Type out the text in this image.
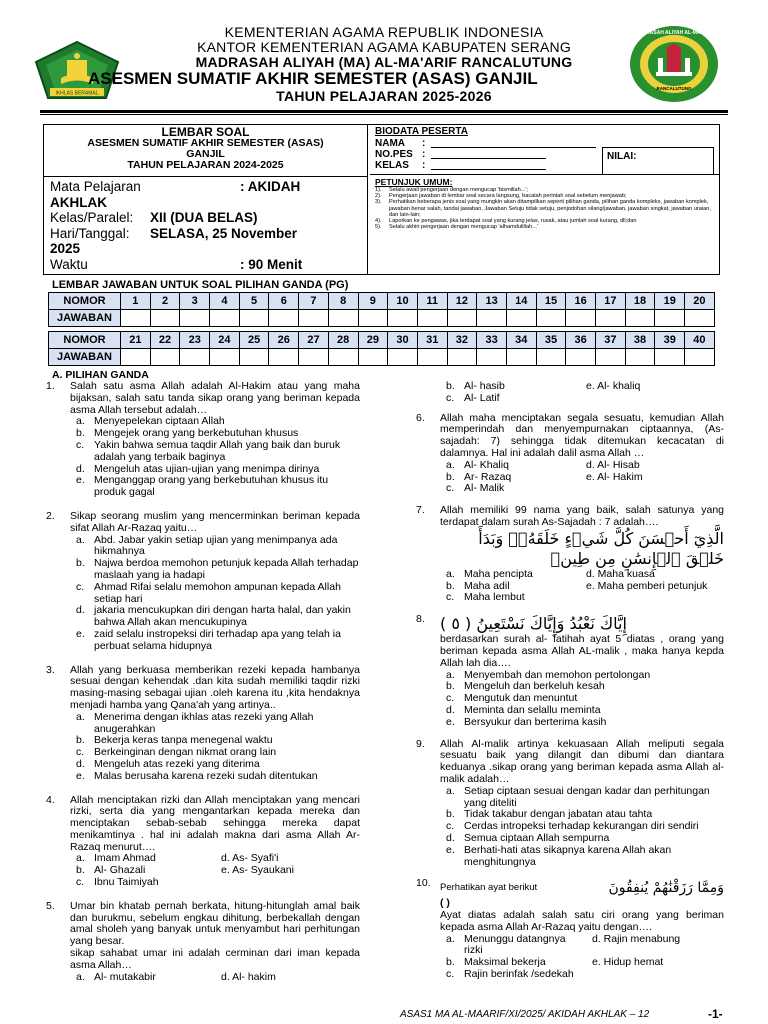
IKHLAS BERAMAL
MADRASAH ALIYAH AL-MA'ARIF
RANCALUTUNG
KEMENTERIAN AGAMA REPUBLIK INDONESIA
KANTOR KEMENTERIAN AGAMA KABUPATEN SERANG
MADRASAH ALIYAH (MA) AL-MA'ARIF RANCALUTUNG
ASESMEN SUMATIF AKHIR SEMESTER (ASAS) GANJIL
TAHUN PELAJARAN 2025-2026
LEMBAR SOAL
ASESMEN SUMATIF AKHIR SEMESTER (ASAS)
GANJIL
TAHUN PELAJARAN 2024-2025
Mata Pelajaran	: AKIDAH
AKHLAK
Kelas/Paralel: XII (DUA BELAS)
Hari/Tanggal: SELASA, 25 November
2025
Waktu	: 90 Menit
BIODATA PESERTA
NAMA :
NO.PES :
KELAS :
NILAI:
PETUNJUK UMUM:
1). Selalu awali pengerjaan dengan mengucap 'bismillah...';
2). Pengerjaan jawaban di lembar soal secara langsung, bacalah perintah soal sebelum menjawab;
3). Perhatikan beberapa jenis soal yang mungkin akan ditampilkan seperti pilihan ganda, pilihan ganda kompleks, jawaban komplek, jawaban benar salah, tandai jawaban, Jawaban Setuju tidak setuju, penjodohan silang/jawaban, jawaban singkat, jawaban uraian, dan lain-lain;
4). Laporkan ke pengawas, jika terdapat soal yang kurang jelas, rusak, atau jumlah soal kurang, dll;dan
5). Selalu akhiri pengerjaan dengan mengucap 'alhamdulillah...'
LEMBAR JAWABAN UNTUK SOAL PILIHAN GANDA (PG)
NOMOR	1	2	3	4	5	6	7	8	9	10	11	12	13	14	15	16	17	18	19	20
JAWABAN																				
NOMOR	21	22	23	24	25	26	27	28	29	30	31	32	33	34	35	36	37	38	39	40
JAWABAN																				
A. PILIHAN GANDA
1. Salah satu asma Allah adalah Al-Hakim atau yang maha bijaksan, salah satu tanda sikap orang yang beriman kepada asma Allah tersebut adalah…
a. Menyepelekan ciptaan Allah
b. Mengejek orang yang berkebutuhan khusus
c. Yakin bahwa semua taqdir Allah yang baik dan buruk adalah yang terbaik baginya
d. Mengeluh atas ujian-ujian yang menimpa dirinya
e. Menganggap orang yang berkebutuhan khusus itu produk gagal
2. Sikap seorang muslim yang mencerminkan beriman kepada sifat Allah Ar-Razaq yaitu…
a. Abd. Jabar yakin setiap ujian yang menimpanya ada hikmahnya
b. Najwa berdoa memohon petunjuk kepada Allah terhadap maslaah yang ia hadapi
c. Ahmad Rifai selalu memohon ampunan kepada Allah setiap hari
d. jakaria mencukupkan diri dengan harta halal, dan yakin bahwa Allah akan mencukupinya
e. zaid selalu instropeksi diri terhadap apa yang telah ia perbuat selama hidupnya
3. Allah yang berkuasa memberikan rezeki kepada hambanya sesuai dengan kehendak .dan kita sudah memiliki taqdir rizki masing-masing sebagai ujian .oleh karena itu ,kita hendaknya menjadi hamba yang Qana'ah yang artinya..
a. Menerima dengan ikhlas atas rezeki yang Allah anugerahkan
b. Bekerja keras tanpa menegenal waktu
c. Berkeinginan dengan nikmat orang lain
d. Mengeluh atas rezeki yang diterima
e. Malas berusaha karena rezeki sudah ditentukan
4. Allah menciptakan rizki dan Allah menciptakan yang mencari rizki, serta dia yang mengantarkan kepada mereka dan menciptakan sebab-sebab sehingga mereka dapat menikamtinya . hal ini adalah makna dari asma Allah Ar-Razaq menurut….
a. Imam Ahmad	d. As- Syafi'i
b. Al- Ghazali	e. As- Syaukani
c. Ibnu Taimiyah
5. Umar bin khatab pernah berkata, hitung-hitunglah amal baik dan burukmu, sebelum engkau dihitung, berbekallah dengan amal sholeh yang banyak untuk menyambut hari perhitungan yang besar.
sikap sahabat umar ini adalah cerminan dari iman kepada asma Allah…
a. Al- mutakabir	d. Al- hakim
b. Al- hasib	e. Al- khaliq
c. Al- Latif
6. Allah maha menciptakan segala sesuatu, kemudian Allah memperindah dan menyempurnakan ciptaannya, (As-sajadah: 7) sehingga tidak ditemukan kecacatan di dalamnya. Hal ini adalah dalil asma Allah …
a. Al- Khaliq	d. Al- Hisab
b. Ar- Razaq	e. Al- Hakim
c. Al- Malik
7. Allah memiliki 99 nama yang baik, salah satunya yang terdapat dalam surah As-Sajadah : 7 adalah….
الَّذِيٓ أَحۡسَنَ كُلَّ شَيۡءٍ خَلَقَهُۥۖ وَبَدَأَ خَلۡقَ ٱلۡإِنسَٰنِ مِن طِينٖ
a. Maha pencipta	d. Maha kuasa
b. Maha adil	e. Maha pemberi petunjuk
c. Maha lembut
8. إِيَّاكَ نَعْبُدُ وَإِيَّاكَ نَسْتَعِينُ ( ٥ )
berdasarkan surah al- fatihah ayat 5 diatas , orang yang beriman kepada asma Allah AL-malik , maka hanya kepda Allah lah dia….
a. Menyembah dan memohon pertolongan
b. Mengeluh dan berkeluh kesah
c. Mengutuk dan menuntut
d. Meminta dan selallu meminta
e. Bersyukur dan berterima kasih
9. Allah Al-malik artinya kekuasaan Allah meliputi segala sesuatu baik yang dilangit dan dibumi dan diantara keduanya .sikap orang yang beriman kepada asma Allah al-malik adalah…
a. Setiap ciptaan sesuai dengan kadar dan perhitungan yang diteliti
b. Tidak takabur dengan jabatan atau tahta
c. Cerdas intropeksi terhadap kekurangan diri sendiri
d. Semua ciptaan Allah sempurna
e. Berhati-hati atas sikapnya karena Allah akan menghitungnya
10. Perhatikan ayat berikut	وَمِمَّا رَزَقْنَٰهُمْ يُنفِقُونَ
( )
Ayat diatas adalah salah satu ciri orang yang beriman kepada asma Allah Ar-Razaq yaitu dengan….
a. Menunggu datangnya rizki
d. Rajin menabung
b. Maksimal bekerja	e. Hidup hemat
c. Rajin berinfak /sedekah
ASAS1 MA AL-MAARIF/XI/2025/ AKIDAH AKHLAK – 12	-1-
